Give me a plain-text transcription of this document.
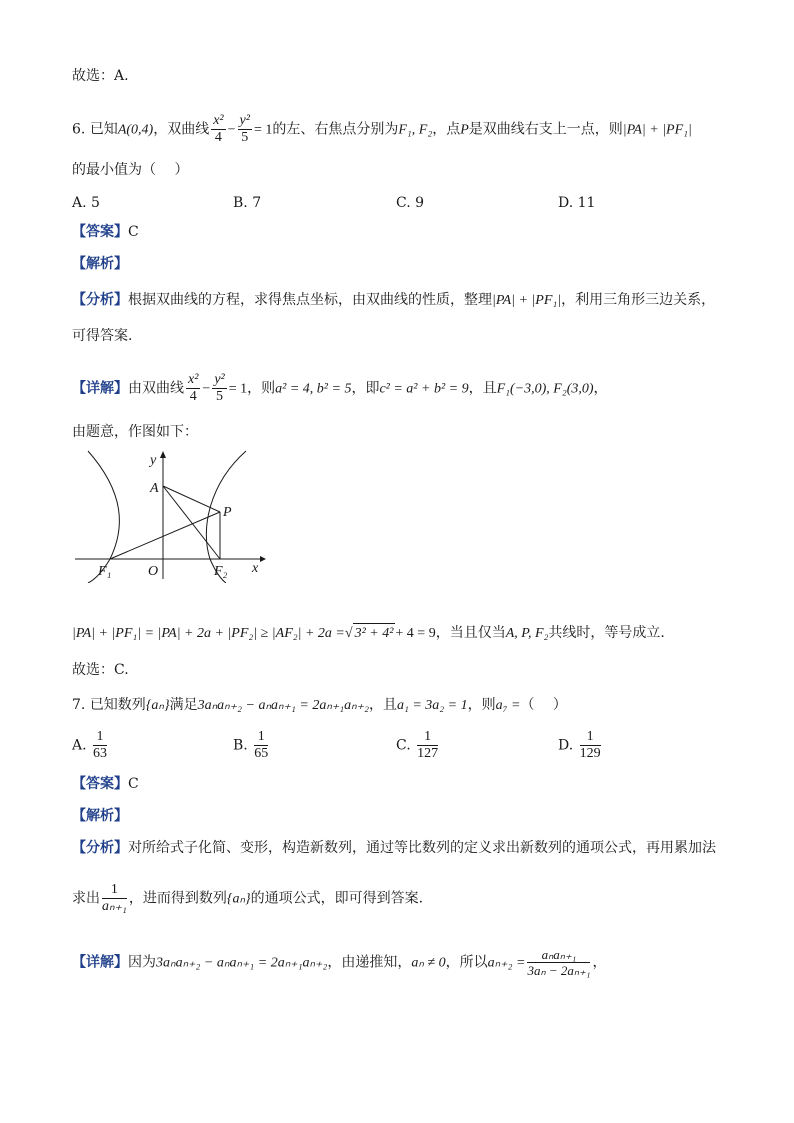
故选：A.
6. 已知A(0,4)，双曲线 $\frac{\text{x²}}{4} - \frac{\text{y²}}{5} = 1$的左、右焦点分别为F₁, F₂，点P是双曲线右支上一点，则|PA| + |PF₁|
的最小值为（　 ）
A. 5	B. 7	C. 9	D. 11
【答案】C
【解析】
【分析】根据双曲线的方程，求得焦点坐标，由双曲线的性质，整理|PA| + |PF₁|，利用三角形三边关系，
可得答案.
【详解】由双曲线 $\frac{\text{x²}}{4} - \frac{\text{y²}}{5} = 1$，则a² = 4, b² = 5，即c² = a² + b² = 9，且F₁(−3,0), F₂(3,0)，
由题意，作图如下：
y
x
A
P
O
F₁	F₂
|PA| + |PF₁| = |PA| + 2a + |PF₂| ≥ |AF₂| + 2a =√ 3² + 4² + 4 = 9，当且仅当A, P, F₂共线时，等号成立.
故选：C.
7. 已知数列{aₙ}满足3aₙaₙ₊₂ − aₙaₙ₊₁ = 2aₙ₊₁aₙ₊₂，且a₁ = 3a₂ = 1，则a₇ =（　 ）
A. $\frac{1}{63}$	B. $\frac{1}{65}$	C. $\frac{1}{127}$	D. $\frac{1}{129}$
【答案】C
【解析】
【分析】对所给式子化简、变形，构造新数列，通过等比数列的定义求出新数列的通项公式，再用累加法
求出 $\frac{1}{\text{aₙ₊₁}}$ ，进而得到数列{aₙ}的通项公式，即可得到答案.
【详解】因为3aₙaₙ₊₂ − aₙaₙ₊₁ = 2aₙ₊₁aₙ₊₂，由递推知，aₙ ≠ 0，所以$a_{n+2} = \frac{\text{aₙaₙ₊₁}}{\text{3aₙ − 2aₙ₊₁}}$ ，
